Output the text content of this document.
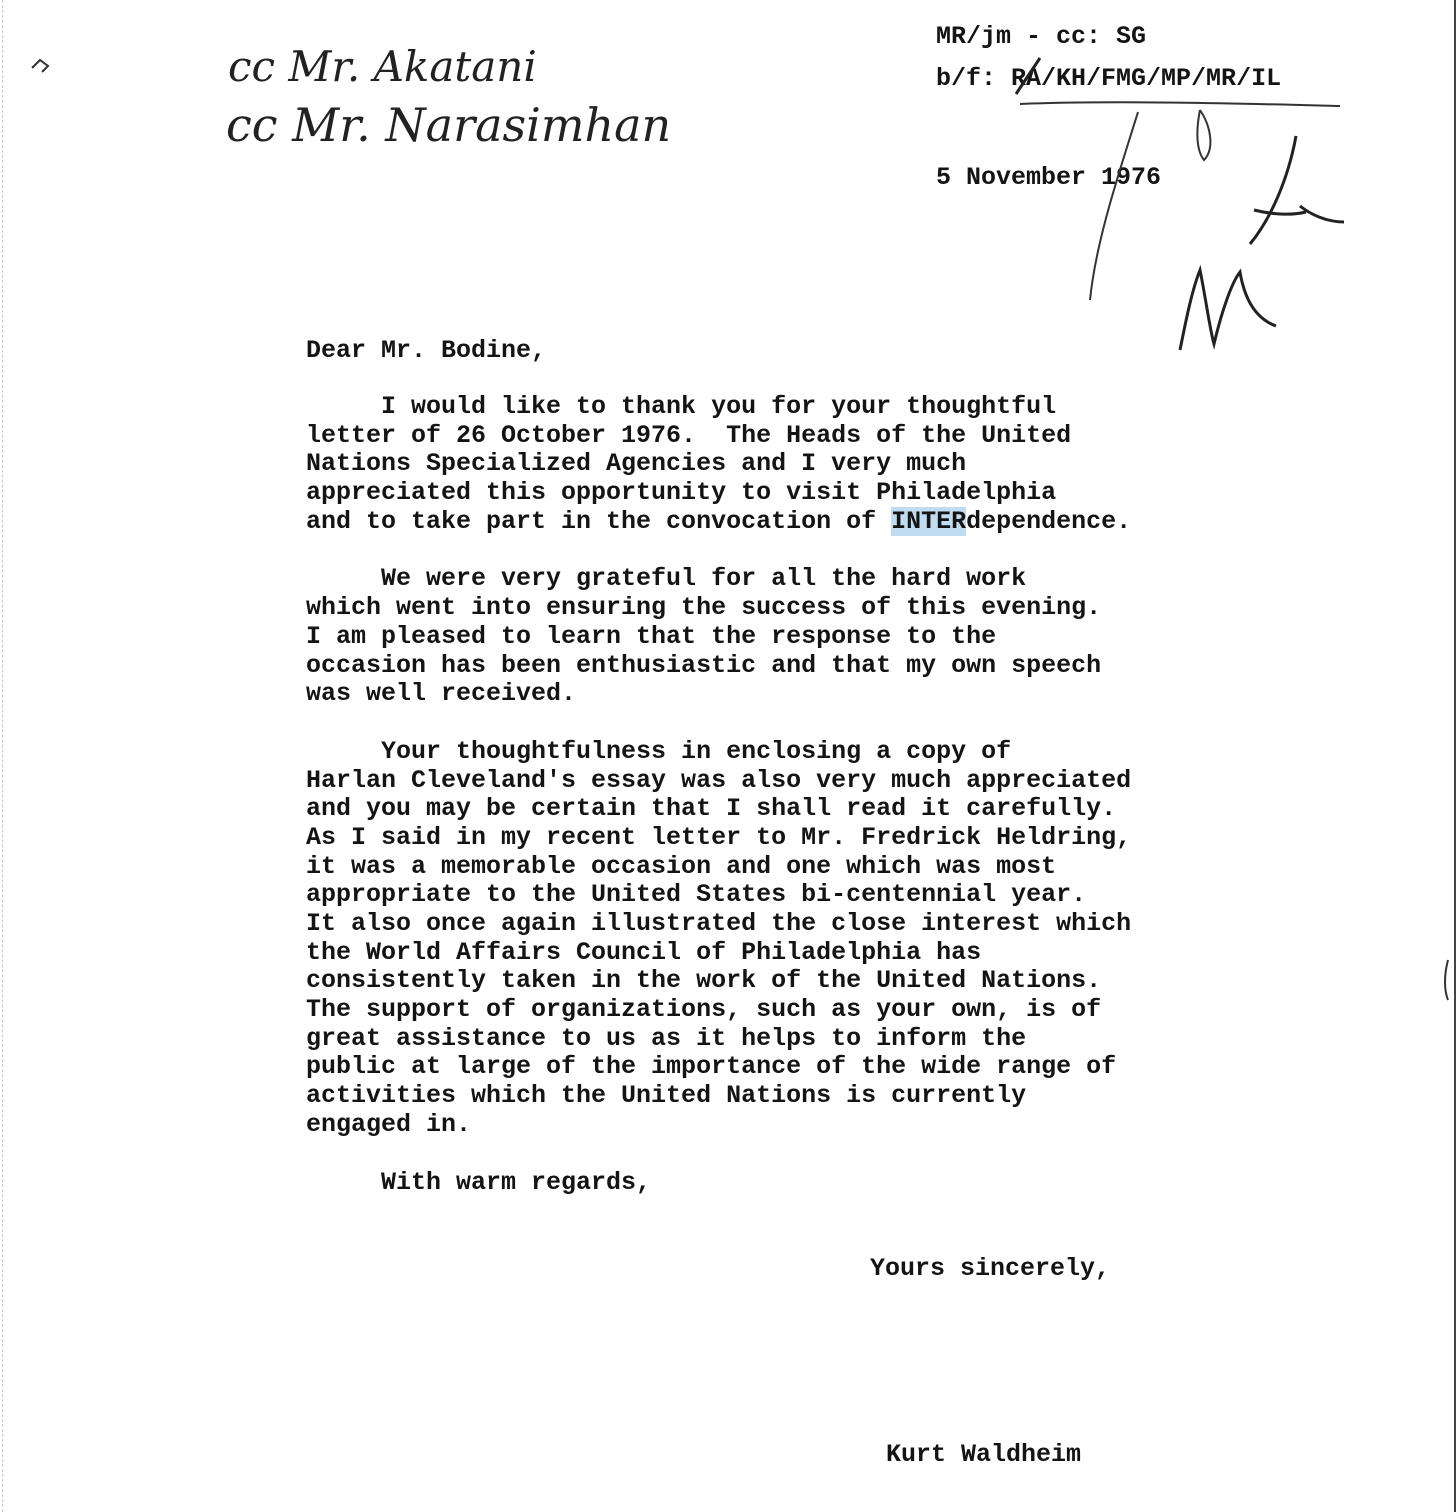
cc Mr. Akatani
cc Mr. Narasimhan
MR/jm - cc: SG
b/f: RA/KH/FMG/MP/MR/IL
5 November 1976
Dear Mr. Bodine,
I would like to thank you for your thoughtful
letter of 26 October 1976.  The Heads of the United
Nations Specialized Agencies and I very much
appreciated this opportunity to visit Philadelphia
and to take part in the convocation of INTERdependence.
We were very grateful for all the hard work
which went into ensuring the success of this evening.
I am pleased to learn that the response to the
occasion has been enthusiastic and that my own speech
was well received.
Your thoughtfulness in enclosing a copy of
Harlan Cleveland's essay was also very much appreciated
and you may be certain that I shall read it carefully.
As I said in my recent letter to Mr. Fredrick Heldring,
it was a memorable occasion and one which was most
appropriate to the United States bi-centennial year.
It also once again illustrated the close interest which
the World Affairs Council of Philadelphia has
consistently taken in the work of the United Nations.
The support of organizations, such as your own, is of
great assistance to us as it helps to inform the
public at large of the importance of the wide range of
activities which the United Nations is currently
engaged in.
With warm regards,
Yours sincerely,
Kurt Waldheim
